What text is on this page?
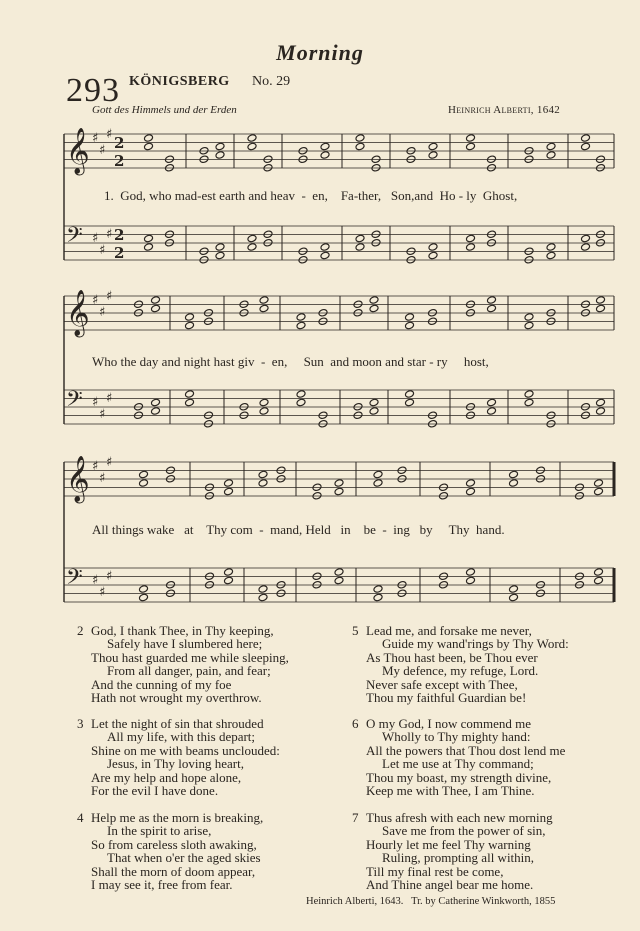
Morning
293 KÖNIGSBERG No. 29
Gott des Himmels und der Erden	Heinrich Alberti, 1642
𝄞 ♯
♯
♯ 2
2
𝄢 ♯
♯
♯ 2
2
𝄞 ♯
♯
♯
𝄢 ♯
♯
♯
𝄞 ♯
♯
♯
𝄢 ♯
♯
♯
1.  God, who mad-est earth and heav  -  en,    Fa-ther,   Son,and  Ho - ly  Ghost,
Who the day and night hast giv  -  en,     Sun  and moon and star - ry     host,
All things wake   at    Thy com  -  mand, Held   in    be  -  ing   by     Thy  hand.
2 God, I thank Thee, in Thy keeping,
Safely have I slumbered here;
Thou hast guarded me while sleeping,
From all danger, pain, and fear;
And the cunning of my foe
Hath not wrought my overthrow.
3 Let the night of sin that shrouded
All my life, with this depart;
Shine on me with beams unclouded:
Jesus, in Thy loving heart,
Are my help and hope alone,
For the evil I have done.
4 Help me as the morn is breaking,
In the spirit to arise,
So from careless sloth awaking,
That when o'er the aged skies
Shall the morn of doom appear,
I may see it, free from fear.
5 Lead me, and forsake me never,
Guide my wand'rings by Thy Word:
As Thou hast been, be Thou ever
My defence, my refuge, Lord.
Never safe except with Thee,
Thou my faithful Guardian be!
6 O my God, I now commend me
Wholly to Thy mighty hand:
All the powers that Thou dost lend me
Let me use at Thy command;
Thou my boast, my strength divine,
Keep me with Thee, I am Thine.
7 Thus afresh with each new morning
Save me from the power of sin,
Hourly let me feel Thy warning
Ruling, prompting all within,
Till my final rest be come,
And Thine angel bear me home.
Heinrich Alberti, 1643.   Tr. by Catherine Winkworth, 1855
